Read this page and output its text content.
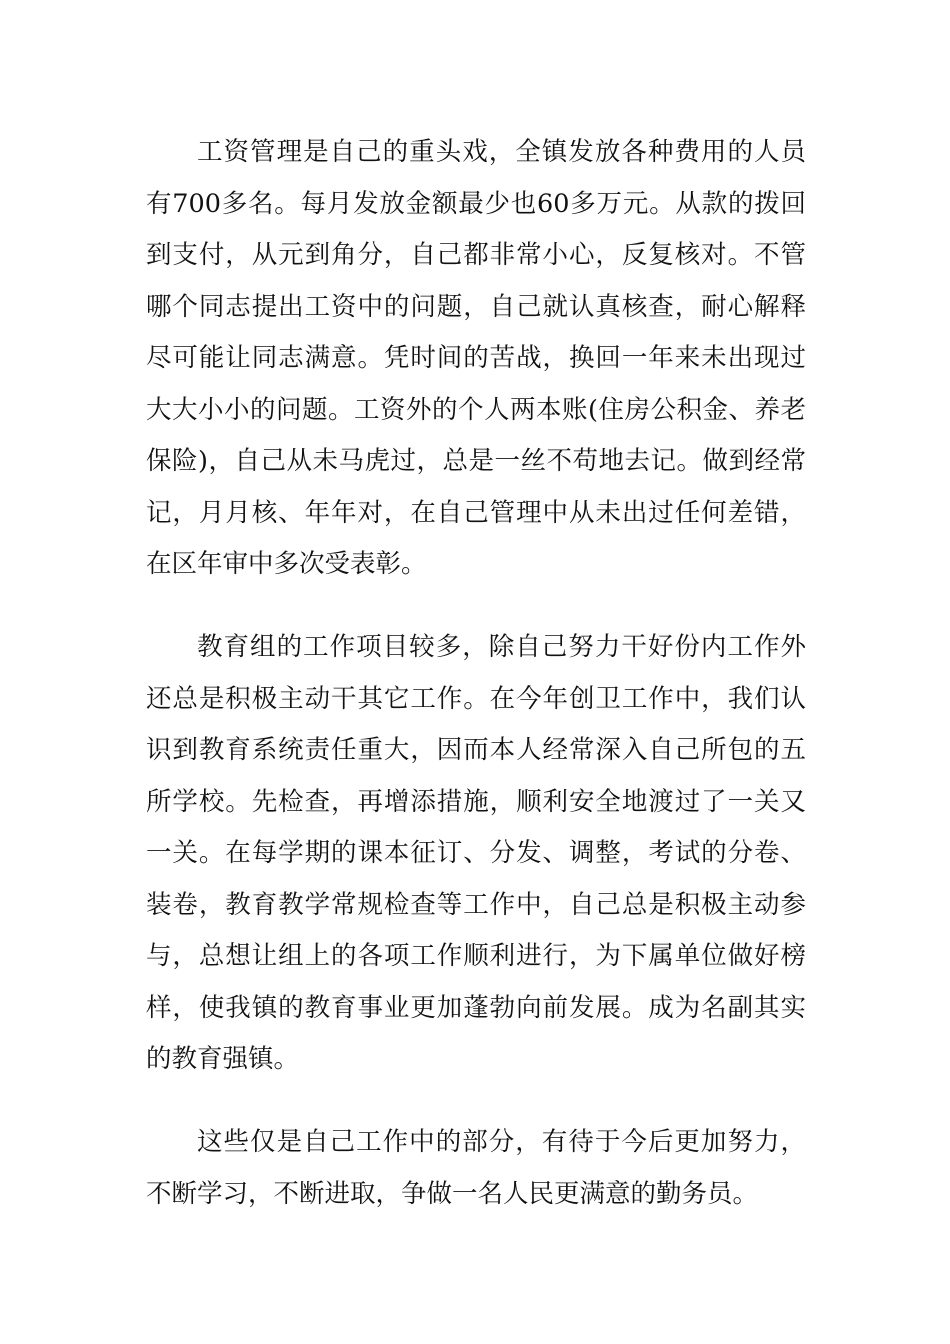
工资管理是自己的重头戏，全镇发放各种费用的人员有700多名。每月发放金额最少也60多万元。从款的拨回到支付，从元到角分，自己都非常小心，反复核对。不管哪个同志提出工资中的问题，自己就认真核查，耐心解释尽可能让同志满意。凭时间的苦战，换回一年来未出现过大大小小的问题。工资外的个人两本账(住房公积金、养老保险)，自己从未马虎过，总是一丝不苟地去记。做到经常记，月月核、年年对，在自己管理中从未出过任何差错，在区年审中多次受表彰。

教育组的工作项目较多，除自己努力干好份内工作外还总是积极主动干其它工作。在今年创卫工作中，我们认识到教育系统责任重大，因而本人经常深入自己所包的五所学校。先检查，再增添措施，顺利安全地渡过了一关又一关。在每学期的课本征订、分发、调整，考试的分卷、装卷，教育教学常规检查等工作中，自己总是积极主动参与，总想让组上的各项工作顺利进行，为下属单位做好榜样，使我镇的教育事业更加蓬勃向前发展。成为名副其实的教育强镇。

这些仅是自己工作中的部分，有待于今后更加努力，不断学习，不断进取，争做一名人民更满意的勤务员。
